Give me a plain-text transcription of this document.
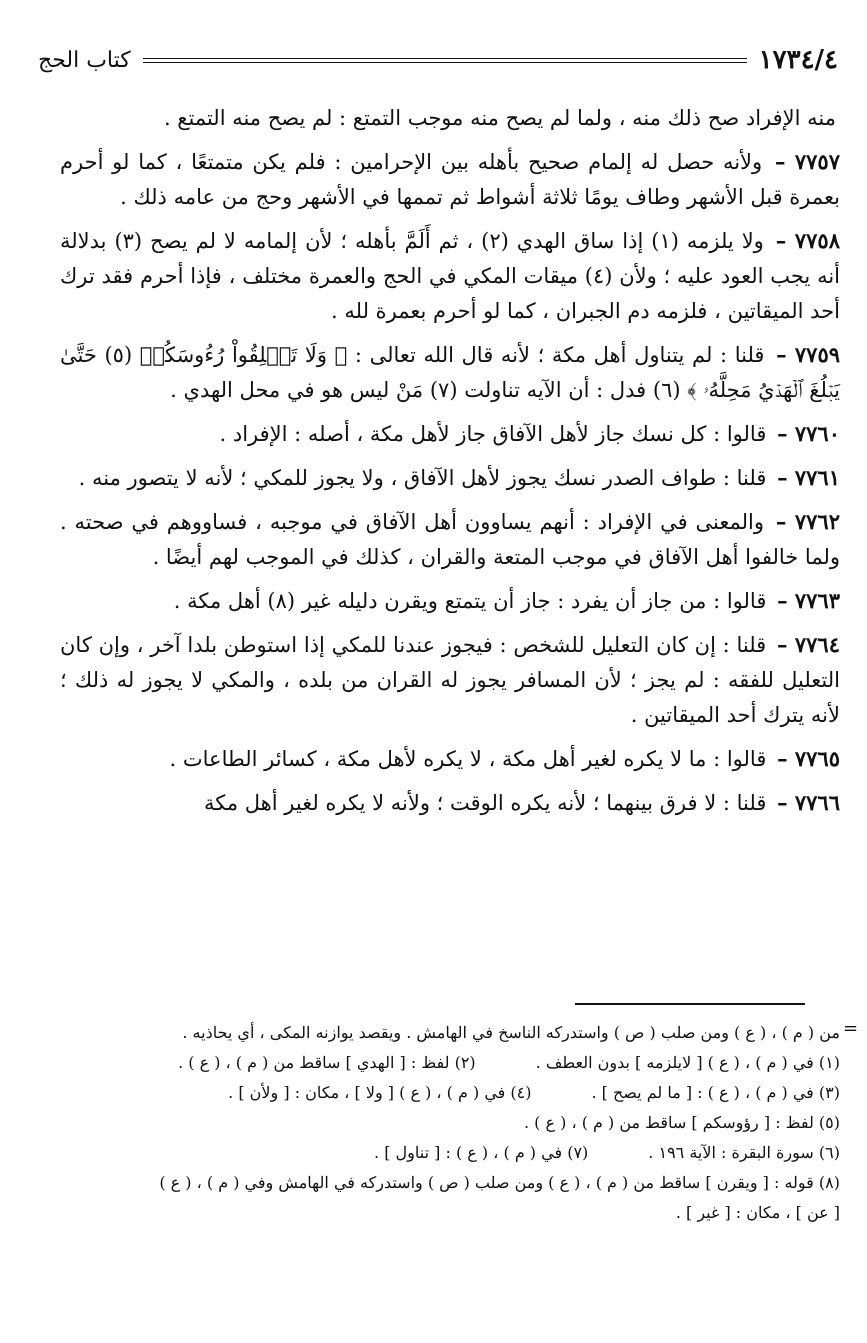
١٧٣٤/٤
كتاب الحج

منه الإفراد صح ذلك منه ، ولما لم يصح منه موجب التمتع : لم يصح منه التمتع .

٧٧٥٧ – ولأنه حصل له إلمام صحيح بأهله بين الإحرامين : فلم يكن متمتعًا ، كما لو أحرم بعمرة قبل الأشهر وطاف يومًا ثلاثة أشواط ثم تممها في الأشهر وحج من عامه ذلك .

٧٧٥٨ – ولا يلزمه (١) إذا ساق الهدي (٢) ، ثم أَلَمَّ بأهله ؛ لأن إلمامه لا لم يصح (٣) بدلالة أنه يجب العود عليه ؛ ولأن (٤) ميقات المكي في الحج والعمرة مختلف ، فإذا أحرم فقد ترك أحد الميقاتين ، فلزمه دم الجبران ، كما لو أحرم بعمرة لله .

٧٧٥٩ – قلنا : لم يتناول أهل مكة ؛ لأنه قال الله تعالى : ﴿ وَلَا تَحۡلِقُواْ رُءُوسَكُمۡ (٥) حَتَّىٰ يَبۡلُغَ ٱلۡهَدۡيُ مَحِلَّهُۥ ﴾ (٦) فدل : أن الآيه تناولت (٧) مَنْ ليس هو في محل الهدي .

٧٧٦٠ – قالوا : كل نسك جاز لأهل الآفاق جاز لأهل مكة ، أصله : الإفراد .

٧٧٦١ – قلنا : طواف الصدر نسك يجوز لأهل الآفاق ، ولا يجوز للمكي ؛ لأنه لا يتصور منه .

٧٧٦٢ – والمعنى في الإفراد : أنهم يساوون أهل الآفاق في موجبه ، فساووهم في صحته . ولما خالفوا أهل الآفاق في موجب المتعة والقران ، كذلك في الموجب لهم أيضًا .

٧٧٦٣ – قالوا : من جاز أن يفرد : جاز أن يتمتع ويقرن دليله غير (٨) أهل مكة .

٧٧٦٤ – قلنا : إن كان التعليل للشخص : فيجوز عندنا للمكي إذا استوطن بلدا آخر ، وإن كان التعليل للفقه : لم يجز ؛ لأن المسافر يجوز له القران من بلده ، والمكي لا يجوز له ذلك ؛ لأنه يترك أحد الميقاتين .

٧٧٦٥ – قالوا : ما لا يكره لغير أهل مكة ، لا يكره لأهل مكة ، كسائر الطاعات .

٧٧٦٦ – قلنا : لا فرق بينهما ؛ لأنه يكره الوقت ؛ ولأنه لا يكره لغير أهل مكة

=

من ( م ) ، ( ع ) ومن صلب ( ص ) واستدركه الناسخ في الهامش . ويقصد يوازنه المكى ، أي يحاذيه .

(١) في ( م ) ، ( ع ) [ لايلزمه ] بدون العطف .
(٢) لفظ : [ الهدي ] ساقط من ( م ) ، ( ع ) .
(٣) في ( م ) ، ( ع ) : [ ما لم يصح ] .
(٤) في ( م ) ، ( ع ) [ ولا ] ، مكان : [ ولأن ] .

(٥) لفظ : [ رؤوسكم ] ساقط من ( م ) ، ( ع ) .

(٦) سورة البقرة : الآية ١٩٦ .
(٧) في ( م ) ، ( ع ) : [ تناول ] .

(٨) قوله : [ ويقرن ] ساقط من ( م ) ، ( ع ) ومن صلب ( ص ) واستدركه في الهامش وفي ( م ) ، ( ع )

[ عن ] ، مكان : [ غير ] .
